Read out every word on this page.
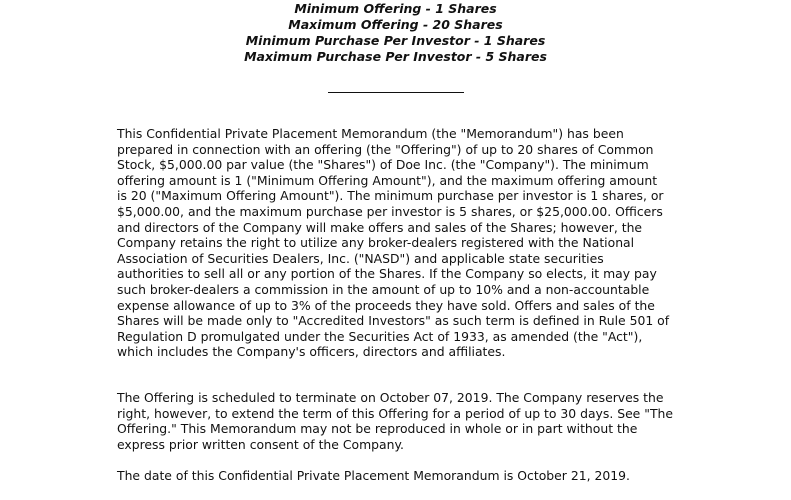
Minimum Offering - 1 Shares
Maximum Offering - 20 Shares
Minimum Purchase Per Investor - 1 Shares
Maximum Purchase Per Investor - 5 Shares
This Confidential Private Placement Memorandum (the "Memorandum") has been
prepared in connection with an offering (the "Offering") of up to 20 shares of Common
Stock, $5,000.00 par value (the "Shares") of Doe Inc. (the "Company"). The minimum
offering amount is 1 ("Minimum Offering Amount"), and the maximum offering amount
is 20 ("Maximum Offering Amount"). The minimum purchase per investor is 1 shares, or
$5,000.00, and the maximum purchase per investor is 5 shares, or $25,000.00. Officers
and directors of the Company will make offers and sales of the Shares; however, the
Company retains the right to utilize any broker-dealers registered with the National
Association of Securities Dealers, Inc. ("NASD") and applicable state securities
authorities to sell all or any portion of the Shares. If the Company so elects, it may pay
such broker-dealers a commission in the amount of up to 10% and a non-accountable
expense allowance of up to 3% of the proceeds they have sold. Offers and sales of the
Shares will be made only to "Accredited Investors" as such term is defined in Rule 501 of
Regulation D promulgated under the Securities Act of 1933, as amended (the "Act"),
which includes the Company's officers, directors and affiliates.
The Offering is scheduled to terminate on October 07, 2019. The Company reserves the
right, however, to extend the term of this Offering for a period of up to 30 days. See "The
Offering." This Memorandum may not be reproduced in whole or in part without the
express prior written consent of the Company.
The date of this Confidential Private Placement Memorandum is October 21, 2019.
